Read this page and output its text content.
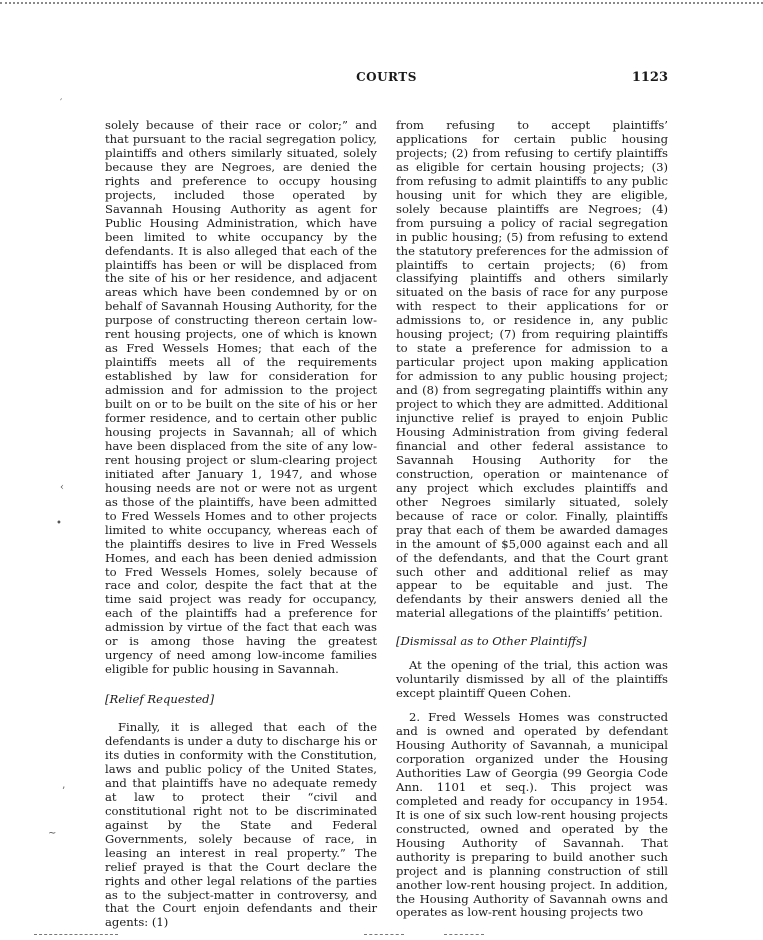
COURTS	1123

solely because of their race or color;” and that pursuant to the racial segregation policy, plaintiffs and others similarly situated, solely because they are Negroes, are denied the rights and preference to occupy housing projects, included those operated by Savannah Housing Authority as agent for Public Housing Administration, which have been limited to white occupancy by the defendants. It is also alleged that each of the plaintiffs has been or will be displaced from the site of his or her residence, and adjacent areas which have been condemned by or on behalf of Savannah Housing Authority, for the purpose of constructing thereon certain low-rent housing projects, one of which is known as Fred Wessels Homes; that each of the plaintiffs meets all of the requirements established by law for consideration for admission and for admission to the project built on or to be built on the site of his or her former residence, and to certain other public housing projects in Savannah; all of which have been displaced from the site of any low-rent housing project or slum-clearing project initiated after January 1, 1947, and whose housing needs are not or were not as urgent as those of the plaintiffs, have been admitted to Fred Wessels Homes and to other projects limited to white occupancy, whereas each of the plaintiffs desires to live in Fred Wessels Homes, and each has been denied admission to Fred Wessels Homes, solely because of race and color, despite the fact that at the time said project was ready for occupancy, each of the plaintiffs had a preference for admission by virtue of the fact that each was or is among those having the greatest urgency of need among low-income families eligible for public housing in Savannah.

[Relief Requested]

Finally, it is alleged that each of the defendants is under a duty to discharge his or its duties in conformity with the Constitution, laws and public policy of the United States, and that plaintiffs have no adequate remedy at law to protect their “civil and constitutional right not to be discriminated against by the State and Federal Governments, solely because of race, in leasing an interest in real property.” The relief prayed is that the Court declare the rights and other legal relations of the parties as to the subject-matter in controversy, and that the Court enjoin defendants and their agents: (1)

from refusing to accept plaintiffs’ applications for certain public housing projects; (2) from refusing to certify plaintiffs as eligible for certain housing projects; (3) from refusing to admit plaintiffs to any public housing unit for which they are eligible, solely because plaintiffs are Negroes; (4) from pursuing a policy of racial segregation in public housing; (5) from refusing to extend the statutory preferences for the admission of plaintiffs to certain projects; (6) from classifying plaintiffs and others similarly situated on the basis of race for any purpose with respect to their applications for or admissions to, or residence in, any public housing project; (7) from requiring plaintiffs to state a preference for admission to a particular project upon making application for admission to any public housing project; and (8) from segregating plaintiffs within any project to which they are admitted. Additional injunctive relief is prayed to enjoin Public Housing Administration from giving federal financial and other federal assistance to Savannah Housing Authority for the construction, operation or maintenance of any project which excludes plaintiffs and other Negroes similarly situated, solely because of race or color. Finally, plaintiffs pray that each of them be awarded damages in the amount of $5,000 against each and all of the defendants, and that the Court grant such other and additional relief as may appear to be equitable and just. The defendants by their answers denied all the material allegations of the plaintiffs’ petition.

[Dismissal as to Other Plaintiffs]

At the opening of the trial, this action was voluntarily dismissed by all of the plaintiffs except plaintiff Queen Cohen.

2. Fred Wessels Homes was constructed and is owned and operated by defendant Housing Authority of Savannah, a municipal corporation organized under the Housing Authorities Law of Georgia (99 Georgia Code Ann. 1101 et seq.). This project was completed and ready for occupancy in 1954. It is one of six such low-rent housing projects constructed, owned and operated by the Housing Authority of Savannah. That authority is preparing to build another such project and is planning construction of still another low-rent housing project. In addition, the Housing Authority of Savannah owns and operates as low-rent housing projects two

′
‹
•
’
∼
